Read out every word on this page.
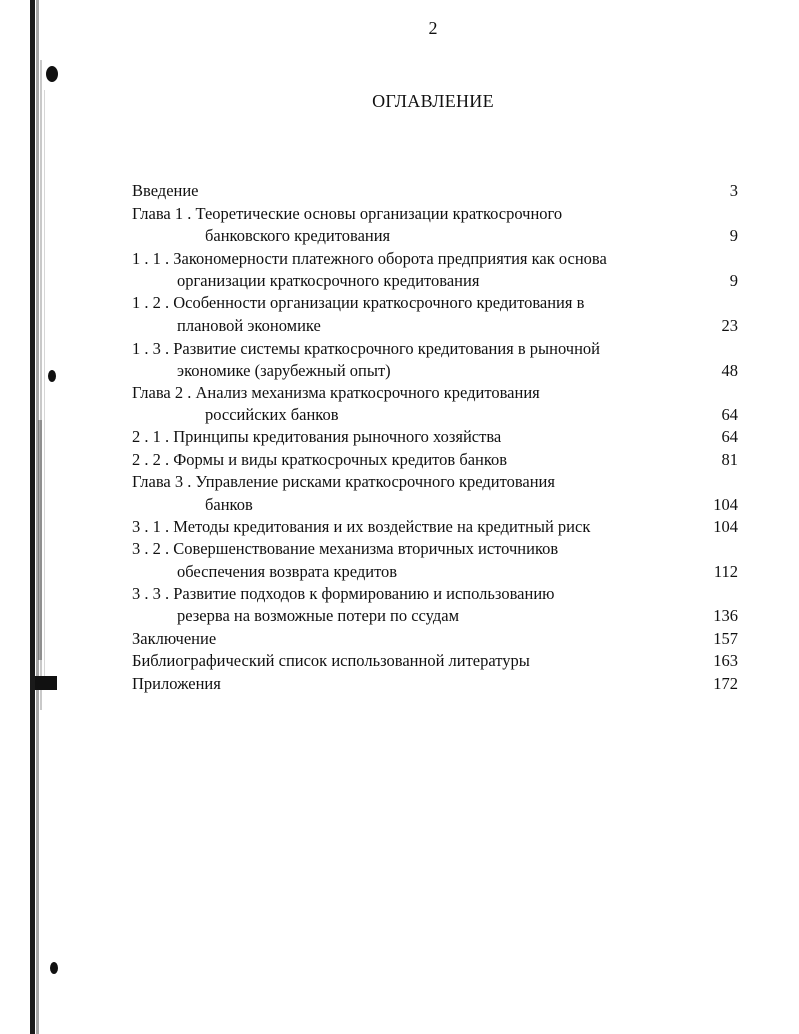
2
ОГЛАВЛЕНИЕ
Введение	3
Глава 1 . Теоретические основы организации краткосрочного
банковского кредитования	9
1 . 1 . Закономерности платежного оборота предприятия как основа
организации краткосрочного кредитования	9
1 . 2 . Особенности организации краткосрочного кредитования в
плановой экономике	23
1 . 3 . Развитие системы краткосрочного кредитования в рыночной
экономике (зарубежный опыт)	48
Глава 2 . Анализ механизма краткосрочного кредитования
российских банков	64
2 . 1 . Принципы кредитования рыночного хозяйства	64
2 . 2 . Формы и виды краткосрочных кредитов банков	81
Глава 3 . Управление рисками краткосрочного кредитования
банков	104
3 . 1 . Методы кредитования и их воздействие на кредитный риск	104
3 . 2 . Совершенствование механизма вторичных источников
обеспечения возврата кредитов	112
3 . 3 . Развитие подходов к формированию и использованию
резерва на возможные потери по ссудам	136
Заключение	157
Библиографический список использованной литературы	163
Приложения	172
